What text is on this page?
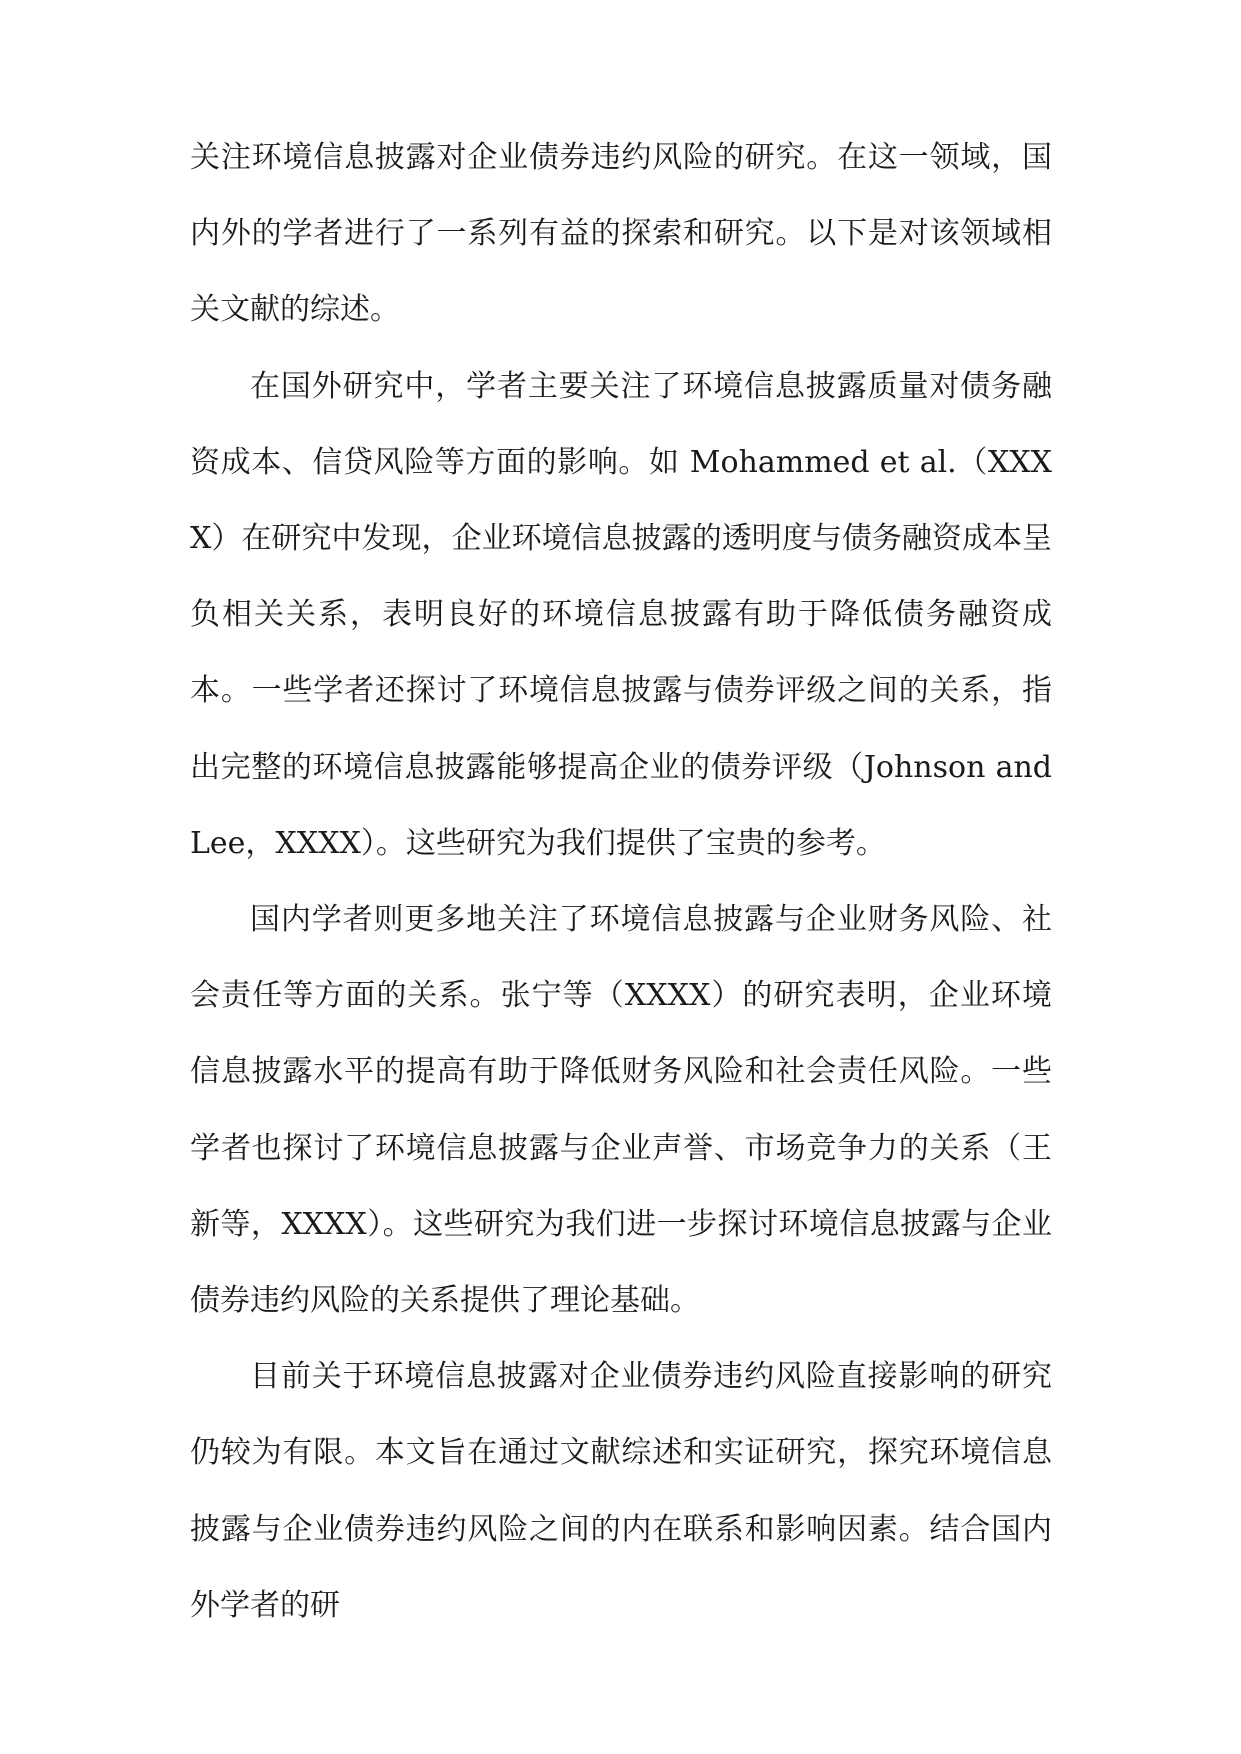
关注环境信息披露对企业债券违约风险的研究。在这一领域，国内外的学者进行了一系列有益的探索和研究。以下是对该领域相关文献的综述。

在国外研究中，学者主要关注了环境信息披露质量对债务融资成本、信贷风险等方面的影响。如 Mohammed et al.（XXXX）在研究中发现，企业环境信息披露的透明度与债务融资成本呈负相关关系，表明良好的环境信息披露有助于降低债务融资成本。一些学者还探讨了环境信息披露与债券评级之间的关系，指出完整的环境信息披露能够提高企业的债券评级（Johnson and Lee，XXXX）。这些研究为我们提供了宝贵的参考。

国内学者则更多地关注了环境信息披露与企业财务风险、社会责任等方面的关系。张宁等（XXXX）的研究表明，企业环境信息披露水平的提高有助于降低财务风险和社会责任风险。一些学者也探讨了环境信息披露与企业声誉、市场竞争力的关系（王新等，XXXX）。这些研究为我们进一步探讨环境信息披露与企业债券违约风险的关系提供了理论基础。

目前关于环境信息披露对企业债券违约风险直接影响的研究仍较为有限。本文旨在通过文献综述和实证研究，探究环境信息披露与企业债券违约风险之间的内在联系和影响因素。结合国内外学者的研
